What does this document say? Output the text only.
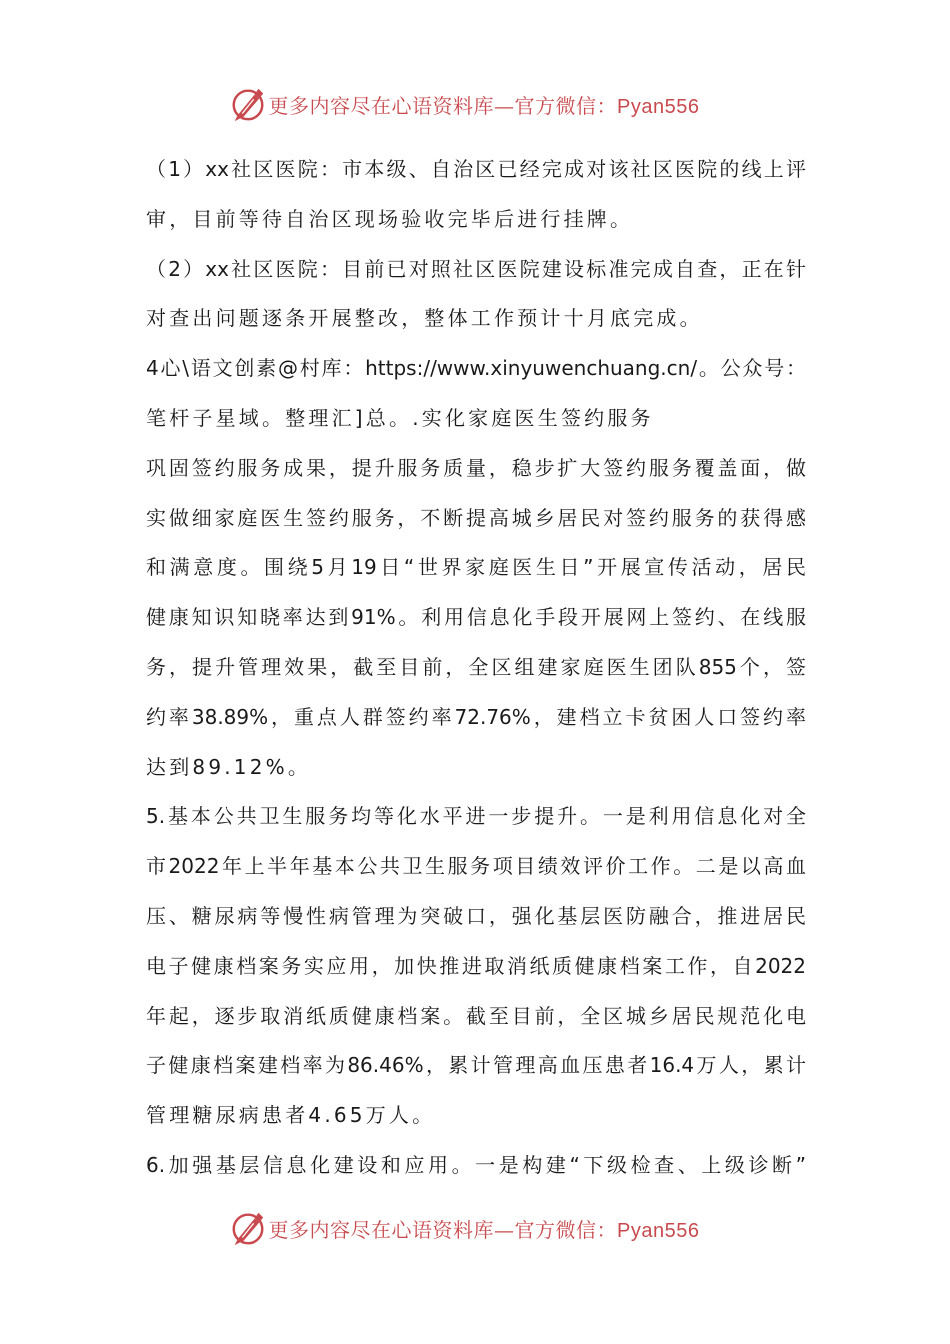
更多内容尽在心语资料库—官方微信：Pyan556
（1）xx社区医院：市本级、自治区已经完成对该社区医院的线上评
审，目前等待自治区现场验收完毕后进行挂牌。
（2）xx社区医院：目前已对照社区医院建设标准完成自查，正在针
对查出问题逐条开展整改，整体工作预计十月底完成。
4心\语文创素@村库：https://www.xinyuwenchuang.cn/。公众号：
笔杆子星域。整理汇]总。.实化家庭医生签约服务
巩固签约服务成果，提升服务质量，稳步扩大签约服务覆盖面，做
实做细家庭医生签约服务，不断提高城乡居民对签约服务的获得感
和满意度。围绕5月19日“世界家庭医生日”开展宣传活动，居民
健康知识知晓率达到91%。利用信息化手段开展网上签约、在线服
务，提升管理效果，截至目前，全区组建家庭医生团队855个，签
约率38.89%，重点人群签约率72.76%，建档立卡贫困人口签约率
达到89.12%。
5.基本公共卫生服务均等化水平进一步提升。一是利用信息化对全
市2022年上半年基本公共卫生服务项目绩效评价工作。二是以高血
压、糖尿病等慢性病管理为突破口，强化基层医防融合，推进居民
电子健康档案务实应用，加快推进取消纸质健康档案工作，自2022
年起，逐步取消纸质健康档案。截至目前，全区城乡居民规范化电
子健康档案建档率为86.46%，累计管理高血压患者16.4万人，累计
管理糖尿病患者4.65万人。
6.加强基层信息化建设和应用。一是构建“下级检查、上级诊断”
更多内容尽在心语资料库—官方微信：Pyan556
